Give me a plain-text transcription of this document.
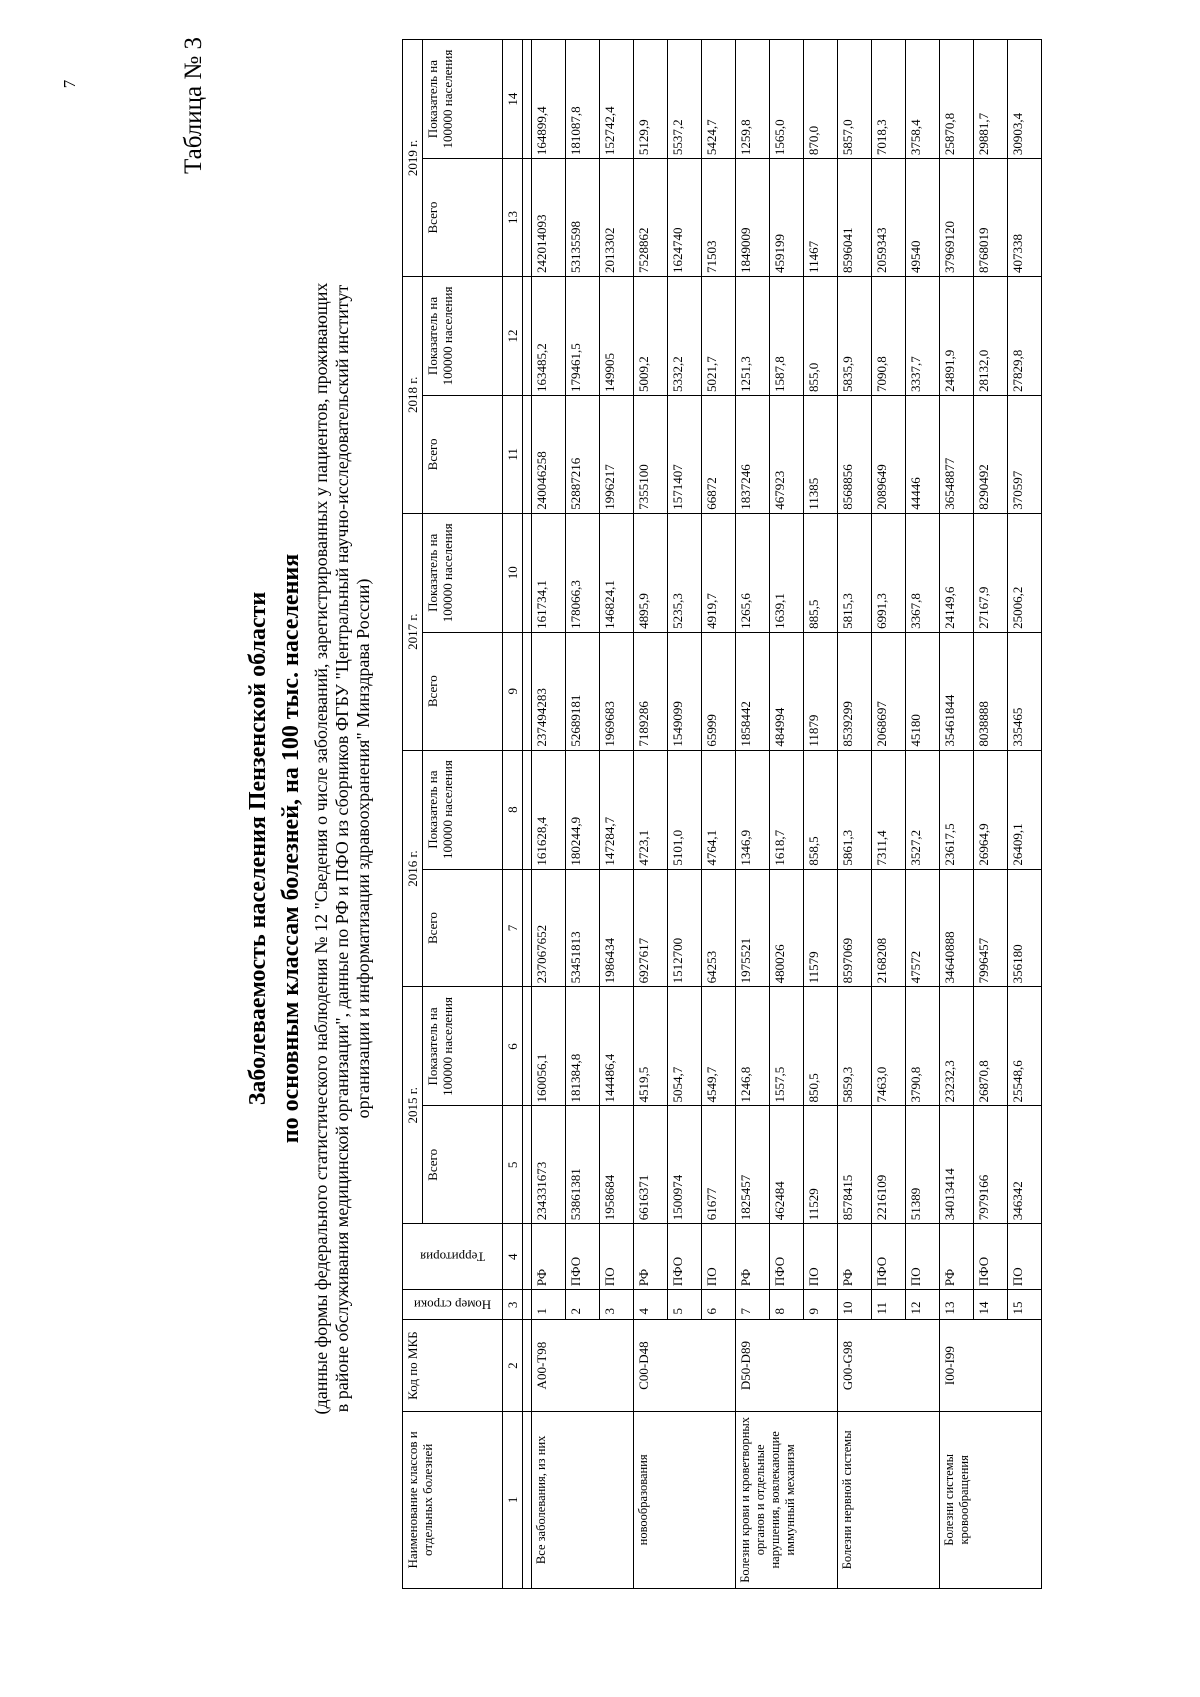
7	Таблица № 3
Заболеваемость населения Пензенской области по основным классам болезней, на 100 тыс. населения (данные формы федерального статистического наблюдения № 12 "Сведения о числе заболеваний, зарегистрированных у пациентов, проживающих в районе обслуживания медицинской организации", данные по РФ и ПФО из сборников ФГБУ "Центральный научно-исследовательский институт организации и информатизации здравоохранения" Минздрава России)
Наименование классов и отдельных болезней	Код по МКБ	Номер строки	Территория	2015 г.		2016 г.		2017 г.		2018 г.		2019 г.	
				Всего	Показатель на 100000 населения	Всего	Показатель на 100000 населения	Всего	Показатель на 100000 населения	Всего	Показатель на 100000 населения	Всего	Показатель на 100000 населения
1	2	3	4	5	6	7	8	9	10	11	12	13	14

Все заболевания, из них	A00-T98	1	РФ	234331673	160056,1	237067652	161628,4	237494283	161734,1	240046258	163485,2	242014093	164899,4
		2	ПФО	53861381	181384,8	53451813	180244,9	52689181	178066,3	52887216	179461,5	53135598	181087,8
		3	ПО	1958684	144486,4	1986434	147284,7	1969683	146824,1	1996217	149905	2013302	152742,4
новообразования	C00-D48	4	РФ	6616371	4519,5	6927617	4723,1	7189286	4895,9	7355100	5009,2	7528862	5129,9
		5	ПФО	1500974	5054,7	1512700	5101,0	1549099	5235,3	1571407	5332,2	1624740	5537,2
		6	ПО	61677	4549,7	64253	4764,1	65999	4919,7	66872	5021,7	71503	5424,7
Болезни крови и кроветворных органов и отдельные нарушения, вовлекающие иммунный механизм	D50-D89	7	РФ	1825457	1246,8	1975521	1346,9	1858442	1265,6	1837246	1251,3	1849009	1259,8
		8	ПФО	462484	1557,5	480026	1618,7	484994	1639,1	467923	1587,8	459199	1565,0
		9	ПО	11529	850,5	11579	858,5	11879	885,5	11385	855,0	11467	870,0
Болезни нервной системы	G00-G98	10	РФ	8578415	5859,3	8597069	5861,3	8539299	5815,3	8568856	5835,9	8596041	5857,0
		11	ПФО	2216109	7463,0	2168208	7311,4	2068697	6991,3	2089649	7090,8	2059343	7018,3
		12	ПО	51389	3790,8	47572	3527,2	45180	3367,8	44446	3337,7	49540	3758,4
Болезни системы кровообращения	I00-I99	13	РФ	34013414	23232,3	34640888	23617,5	35461844	24149,6	36548877	24891,9	37969120	25870,8
		14	ПФО	7979166	26870,8	7996457	26964,9	8038888	27167,9	8290492	28132,0	8768019	29881,7
		15	ПО	346342	25548,6	356180	26409,1	335465	25006,2	370597	27829,8	407338	30903,4
